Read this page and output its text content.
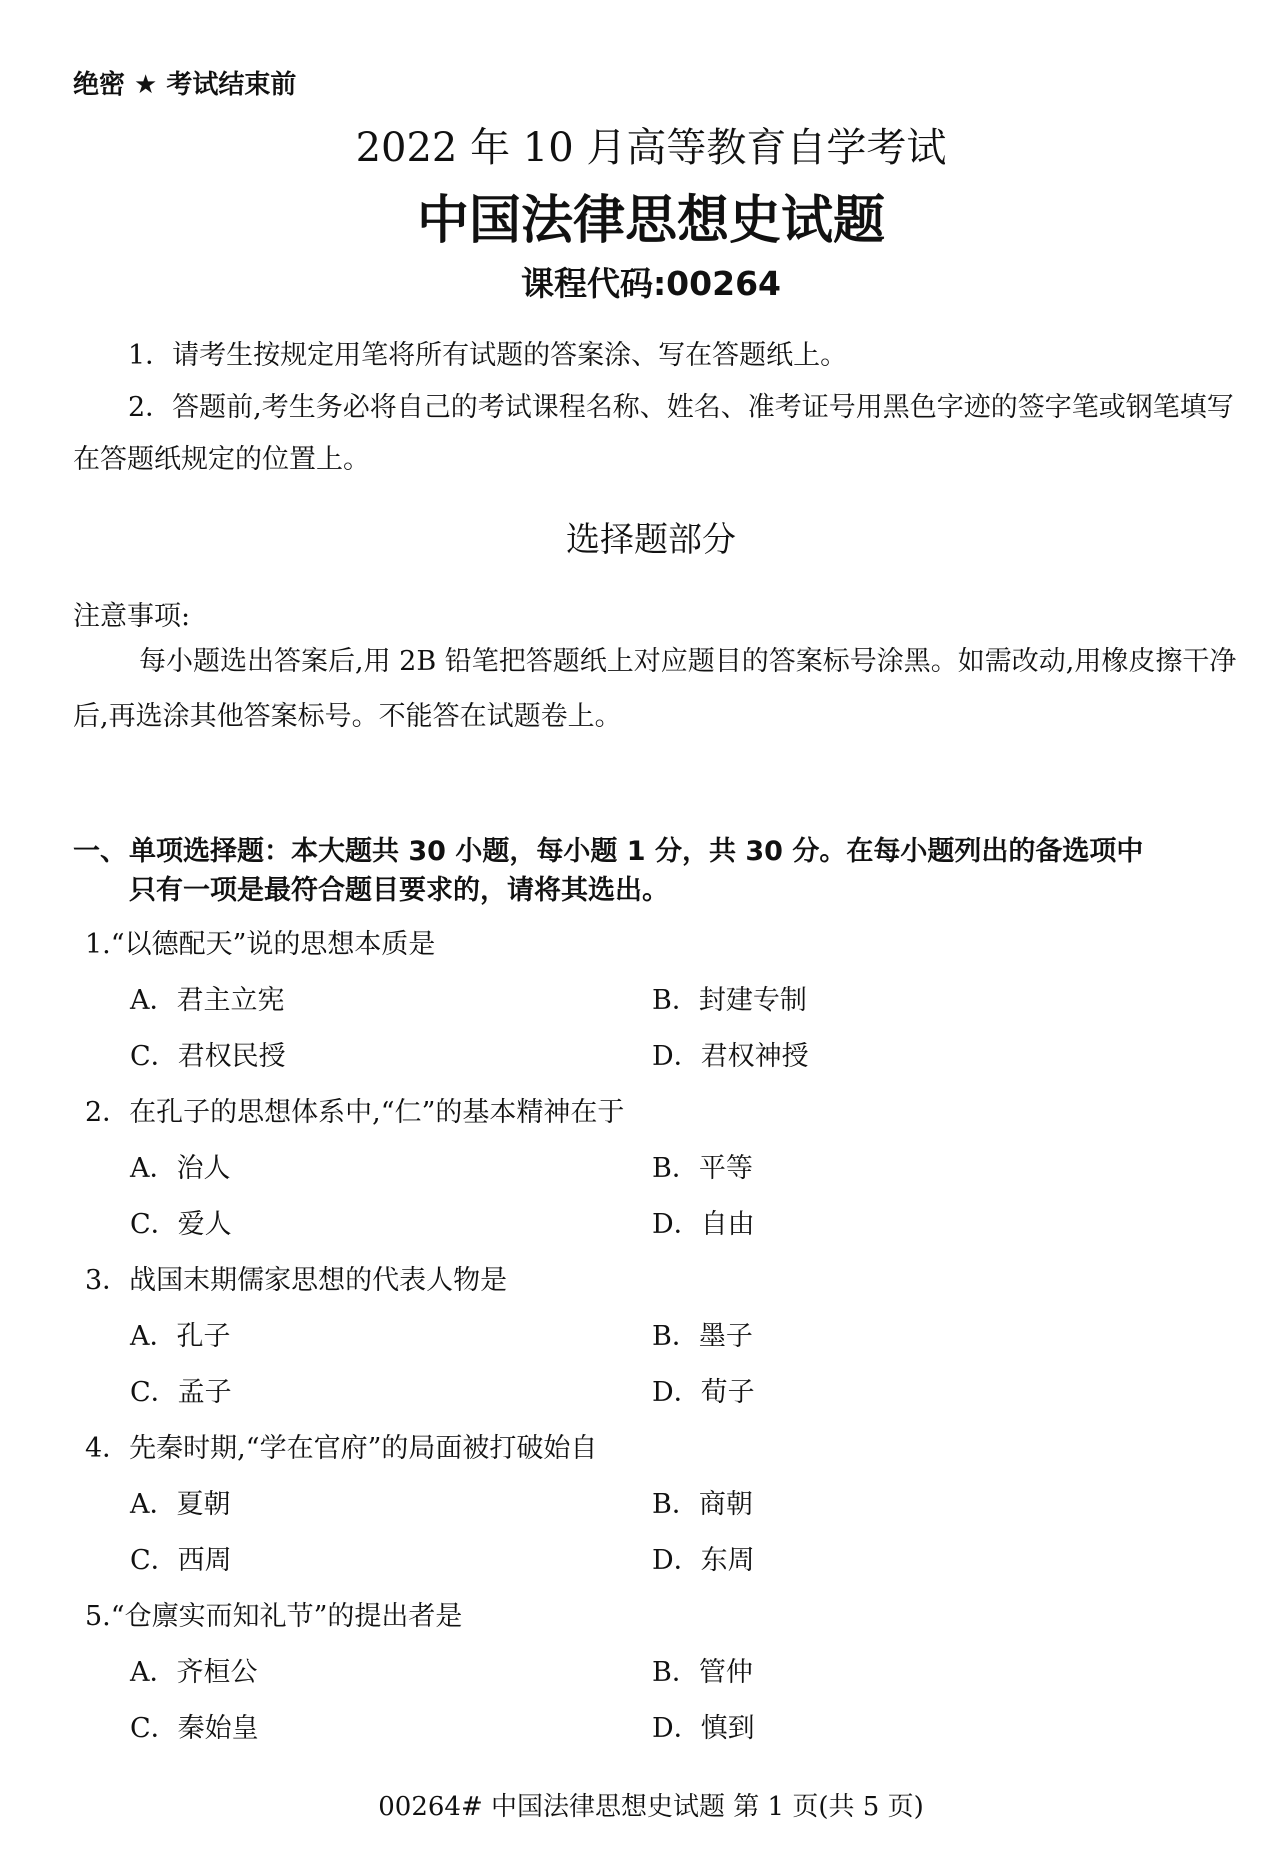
绝密 ★ 考试结束前
2022 年 10 月高等教育自学考试
中国法律思想史试题
课程代码:00264
1．请考生按规定用笔将所有试题的答案涂、写在答题纸上。
2．答题前,考生务必将自己的考试课程名称、姓名、准考证号用黑色字迹的签字笔或钢笔填写在答题纸规定的位置上。
选择题部分
注意事项:
每小题选出答案后,用 2B 铅笔把答题纸上对应题目的答案标号涂黑。如需改动,用橡皮擦干净后,再选涂其他答案标号。不能答在试题卷上。
一、单项选择题：本大题共 30 小题，每小题 1 分，共 30 分。在每小题列出的备选项中
只有一项是最符合题目要求的，请将其选出。
1.“以德配天”说的思想本质是
A．君主立宪	B．封建专制
C．君权民授	D．君权神授
2．在孔子的思想体系中,“仁”的基本精神在于
A．治人	B．平等
C．爱人	D．自由
3．战国末期儒家思想的代表人物是
A．孔子	B．墨子
C．孟子	D．荀子
4．先秦时期,“学在官府”的局面被打破始自
A．夏朝	B．商朝
C．西周	D．东周
5.“仓廪实而知礼节”的提出者是
A．齐桓公	B．管仲
C．秦始皇	D．慎到
00264# 中国法律思想史试题 第 1 页(共 5 页)
